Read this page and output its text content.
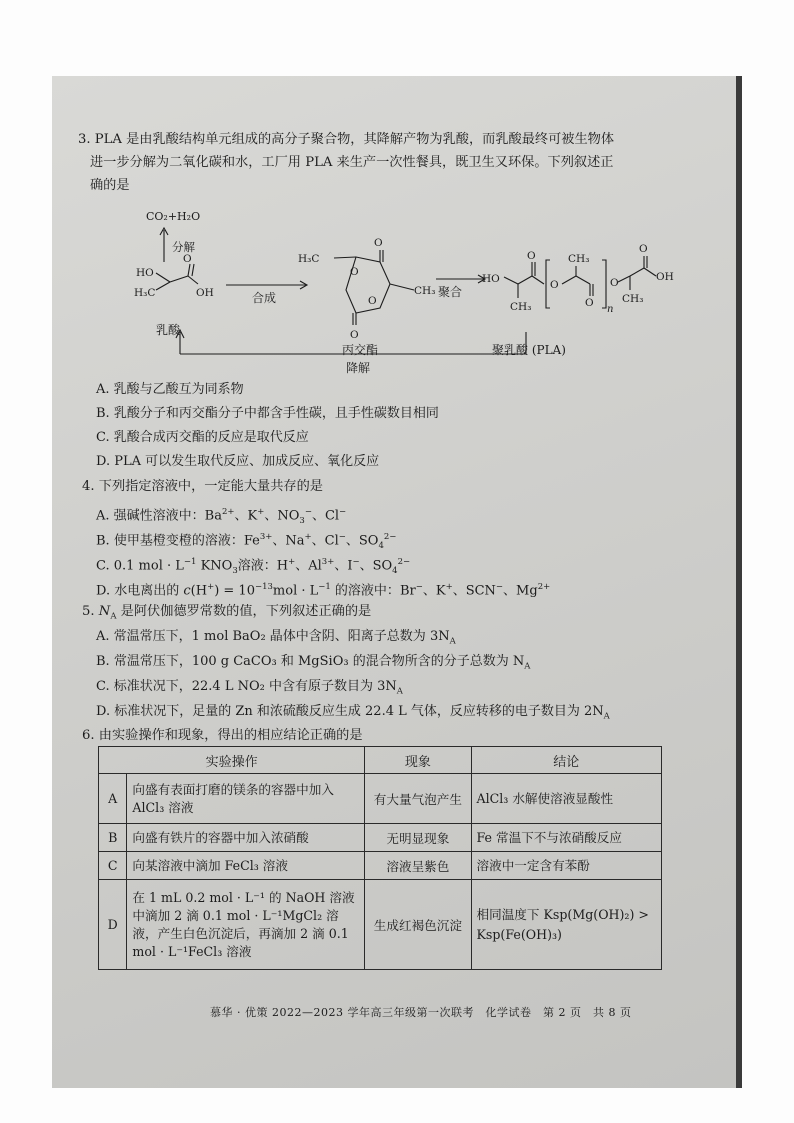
3. PLA 是由乳酸结构单元组成的高分子聚合物，其降解产物为乳酸，而乳酸最终可被生物体
进一步分解为二氧化碳和水，工厂用 PLA 来生产一次性餐具，既卫生又环保。下列叙述正
确的是
CO₂+H₂O
分解
HO
H₃C
O
OH	合成
乳酸
H₃C
O
O
O
O
CH₃
丙交酯
聚合
HO
O
CH₃
O
CH₃
O
n
O
CH₃
O
OH
聚乳酸 (PLA)
降解
A. 乳酸与乙酸互为同系物
B. 乳酸分子和丙交酯分子中都含手性碳，且手性碳数目相同
C. 乳酸合成丙交酯的反应是取代反应
D. PLA 可以发生取代反应、加成反应、氧化反应
4. 下列指定溶液中，一定能大量共存的是
A. 强碱性溶液中：$Ba^{2+}$、K+、$NO_3^-$、Cl−
B. 使甲基橙变橙的溶液：$Fe^{3+}$、Na+、Cl−、$SO_4^{2-}$
C. 0.1 mol · $L^{-1}$ $KNO_3$溶液：H+、$Al^{3+}$、I−、$SO_4^{2-}$
D. 水电离出的 $c(H^+) = 10^{-13}mol \cdot L^{-1}$ 的溶液中：Br−、K+、SCN−、$Mg^{2+}$
5. $N_A$ 是阿伏伽德罗常数的值，下列叙述正确的是
A. 常温常压下，1 mol BaO₂ 晶体中含阴、阳离子总数为 $3N_A$
B. 常温常压下，100 g CaCO₃ 和 MgSiO₃ 的混合物所含的分子总数为 $N_A$
C. 标准状况下，22.4 L NO₂ 中含有原子数目为 $3N_A$
D. 标准状况下，足量的 Zn 和浓硫酸反应生成 22.4 L 气体，反应转移的电子数目为 $2N_A$
6. 由实验操作和现象，得出的相应结论正确的是
实验操作		现象	结论
A	向盛有表面打磨的镁条的容器中加入 AlCl₃ 溶液	有大量气泡产生	AlCl₃ 水解使溶液显酸性
B	向盛有铁片的容器中加入浓硝酸	无明显现象	Fe 常温下不与浓硝酸反应
C	向某溶液中滴加 FeCl₃ 溶液	溶液呈紫色	溶液中一定含有苯酚
D	在 1 mL 0.2 mol · L⁻¹ 的 NaOH 溶液中滴加 2 滴 0.1 mol · L⁻¹MgCl₂ 溶液，产生白色沉淀后，再滴加 2 滴 0.1 mol · L⁻¹FeCl₃ 溶液	生成红褐色沉淀	相同温度下 Ksp(Mg(OH)₂) > Ksp(Fe(OH)₃)
慕华 · 优策 2022—2023 学年高三年级第一次联考　化学试卷　第 2 页　共 8 页
